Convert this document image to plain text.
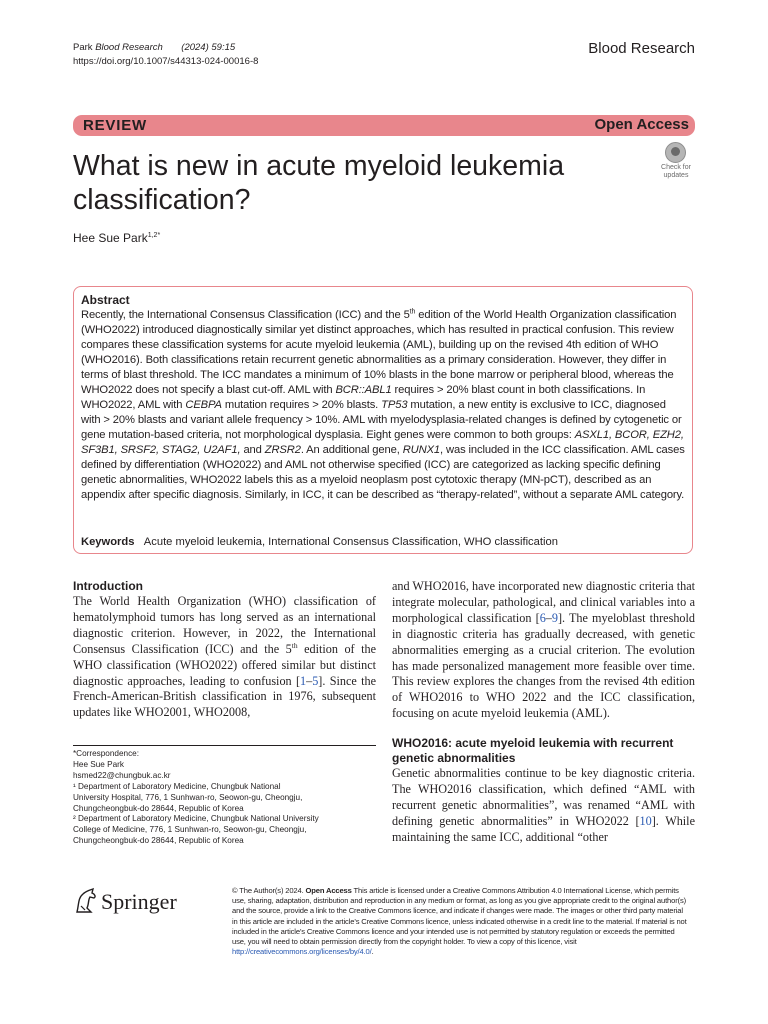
Park Blood Research (2024) 59:15
https://doi.org/10.1007/s44313-024-00016-8
Blood Research
REVIEW	Open Access
What is new in acute myeloid leukemia classification?
Check for
updates
Hee Sue Park$^{1,2*}$
Abstract
Recently, the International Consensus Classification (ICC) and the 5th edition of the World Health Organization classification (WHO2022) introduced diagnostically similar yet distinct approaches, which has resulted in practical confusion. This review compares these classification systems for acute myeloid leukemia (AML), building up on the revised 4th edition of WHO (WHO2016). Both classifications retain recurrent genetic abnormalities as a primary consideration. However, they differ in terms of blast threshold. The ICC mandates a minimum of 10% blasts in the bone marrow or peripheral blood, whereas the WHO2022 does not specify a blast cut-off. AML with BCR::ABL1 requires > 20% blast count in both classifications. In WHO2022, AML with CEBPA mutation requires > 20% blasts. TP53 mutation, a new entity is exclusive to ICC, diagnosed with > 20% blasts and variant allele frequency > 10%. AML with myelodysplasia-related changes is defined by cytogenetic or gene mutation-based criteria, not morphological dysplasia. Eight genes were common to both groups: ASXL1, BCOR, EZH2, SF3B1, SRSF2, STAG2, U2AF1, and ZRSR2. An additional gene, RUNX1, was included in the ICC classification. AML cases defined by differentiation (WHO2022) and AML not otherwise specified (ICC) are categorized as lacking specific defining genetic abnormalities, WHO2022 labels this as a myeloid neoplasm post cytotoxic therapy (MN-pCT), described as an appendix after specific diagnosis. Similarly, in ICC, it can be described as “therapy-related”, without a separate AML category.
Keywords Acute myeloid leukemia, International Consensus Classification, WHO classification
Introduction
The World Health Organization (WHO) classification of hematolymphoid tumors has long served as an international diagnostic criterion. However, in 2022, the International Consensus Classification (ICC) and the 5th edition of the WHO classification (WHO2022) offered similar but distinct diagnostic approaches, leading to confusion [1–5]. Since the French-American-British classification in 1976, subsequent updates like WHO2001, WHO2008,
and WHO2016, have incorporated new diagnostic criteria that integrate molecular, pathological, and clinical variables into a morphological classification [6–9]. The myeloblast threshold in diagnostic criteria has gradually decreased, with genetic abnormalities emerging as a crucial criterion. The evolution has made personalized management more feasible over time. This review explores the changes from the revised 4th edition of WHO2016 to WHO 2022 and the ICC classification, focusing on acute myeloid leukemia (AML).
WHO2016: acute myeloid leukemia with recurrent genetic abnormalities
Genetic abnormalities continue to be key diagnostic criteria. The WHO2016 classification, which defined “AML with recurrent genetic abnormalities”, was renamed “AML with defining genetic abnormalities” in WHO2022 [10]. While maintaining the same ICC, additional “other
*Correspondence:
Hee Sue Park
hsmed22@chungbuk.ac.kr
¹ Department of Laboratory Medicine, Chungbuk National
University Hospital, 776, 1 Sunhwan-ro, Seowon-gu, Cheongju,
Chungcheongbuk-do 28644, Republic of Korea
² Department of Laboratory Medicine, Chungbuk National University
College of Medicine, 776, 1 Sunhwan-ro, Seowon-gu, Cheongju,
Chungcheongbuk-do 28644, Republic of Korea
Springer	© The Author(s) 2024. Open Access This article is licensed under a Creative Commons Attribution 4.0 International License, which permits use, sharing, adaptation, distribution and reproduction in any medium or format, as long as you give appropriate credit to the original author(s) and the source, provide a link to the Creative Commons licence, and indicate if changes were made. The images or other third party material in this article are included in the article’s Creative Commons licence, unless indicated otherwise in a credit line to the material. If material is not included in the article’s Creative Commons licence and your intended use is not permitted by statutory regulation or exceeds the permitted use, you will need to obtain permission directly from the copyright holder. To view a copy of this licence, visit http://creativecommons.org/licenses/by/4.0/.
